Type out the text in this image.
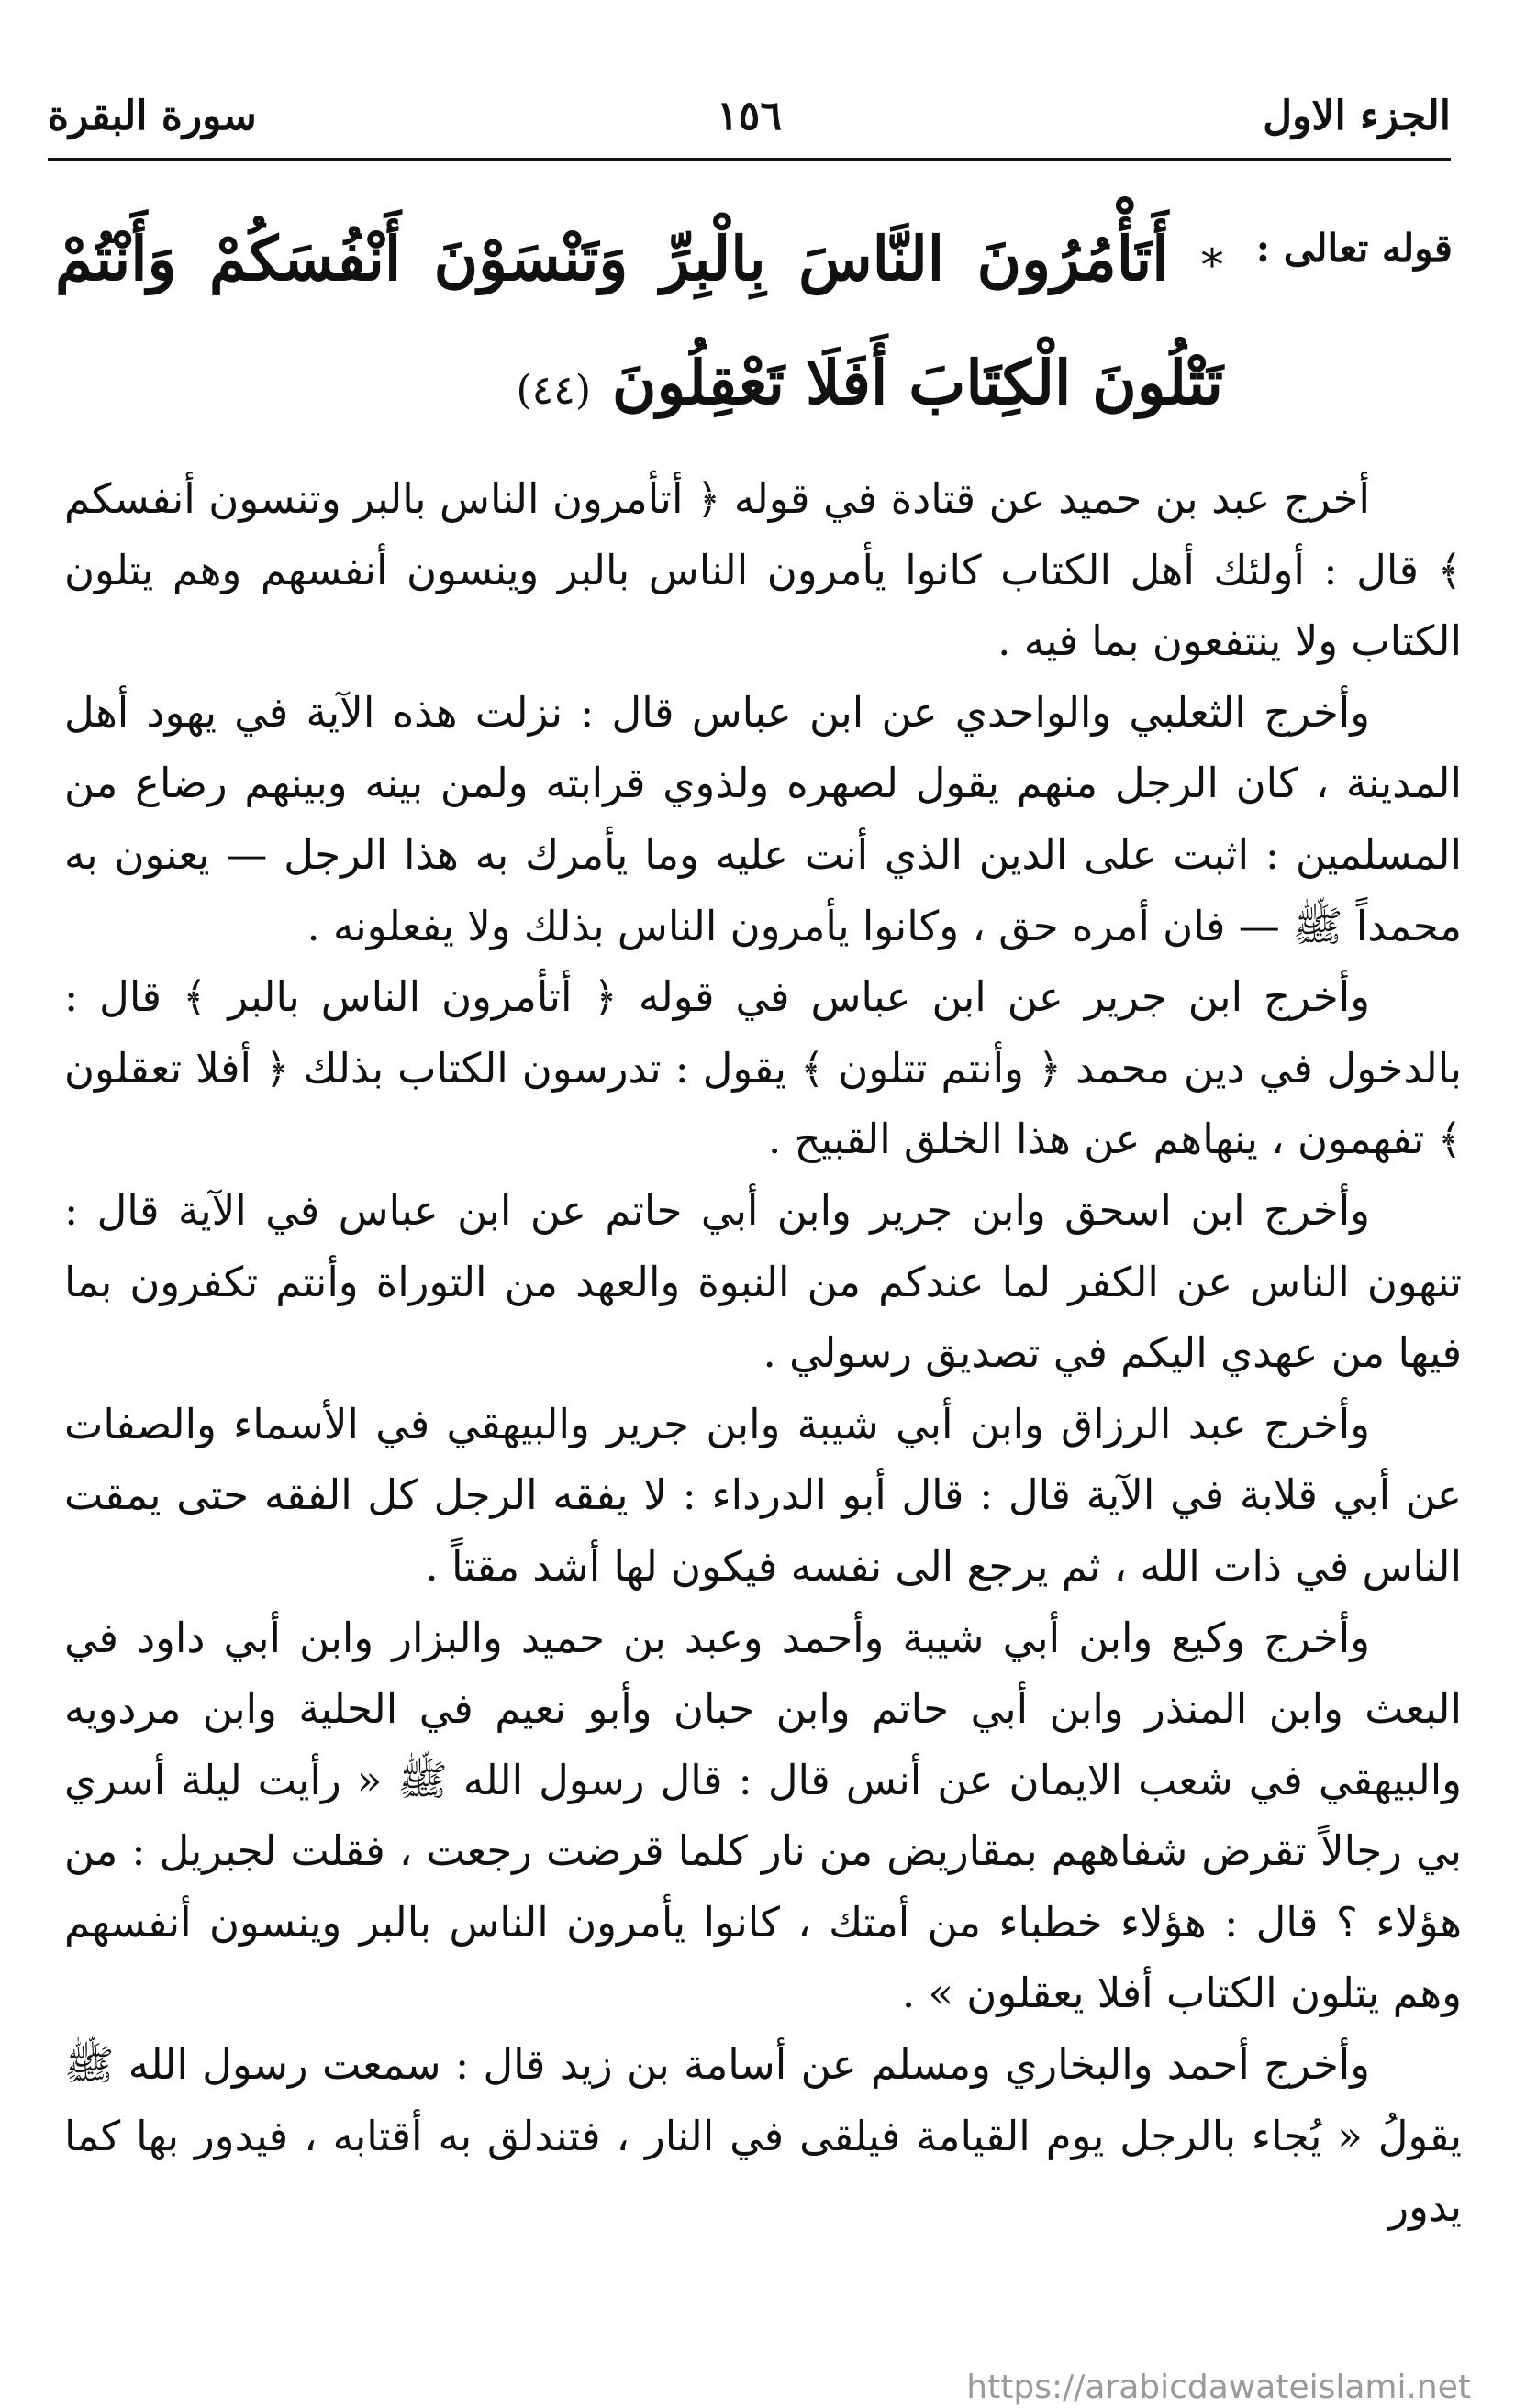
الجزء الاول
١٥٦
سورة البقرة
قوله تعالى :
* أَتَأْمُرُونَ النَّاسَ بِالْبِرِّ وَتَنْسَوْنَ أَنْفُسَكُمْ وَأَنْتُمْ تَتْلُونَ الْكِتَابَ أَفَلَا تَعْقِلُونَ (٤٤)

أخرج عبد بن حميد عن قتادة في قوله ﴿ أتأمرون الناس بالبر وتنسون أنفسكم ﴾ قال : أولئك أهل الكتاب كانوا يأمرون الناس بالبر وينسون أنفسهم وهم يتلون الكتاب ولا ينتفعون بما فيه .

وأخرج الثعلبي والواحدي عن ابن عباس قال : نزلت هذه الآية في يهود أهل المدينة ، كان الرجل منهم يقول لصهره ولذوي قرابته ولمن بينه وبينهم رضاع من المسلمين : اثبت على الدين الذي أنت عليه وما يأمرك به هذا الرجل — يعنون به محمداً ﷺ — فان أمره حق ، وكانوا يأمرون الناس بذلك ولا يفعلونه .

وأخرج ابن جرير عن ابن عباس في قوله ﴿ أتأمرون الناس بالبر ﴾ قال : بالدخول في دين محمد ﴿ وأنتم تتلون ﴾ يقول : تدرسون الكتاب بذلك ﴿ أفلا تعقلون ﴾ تفهمون ، ينهاهم عن هذا الخلق القبيح .

وأخرج ابن اسحق وابن جرير وابن أبي حاتم عن ابن عباس في الآية قال : تنهون الناس عن الكفر لما عندكم من النبوة والعهد من التوراة وأنتم تكفرون بما فيها من عهدي اليكم في تصديق رسولي .

وأخرج عبد الرزاق وابن أبي شيبة وابن جرير والبيهقي في الأسماء والصفات عن أبي قلابة في الآية قال : قال أبو الدرداء : لا يفقه الرجل كل الفقه حتى يمقت الناس في ذات الله ، ثم يرجع الى نفسه فيكون لها أشد مقتاً .

وأخرج وكيع وابن أبي شيبة وأحمد وعبد بن حميد والبزار وابن أبي داود في البعث وابن المنذر وابن أبي حاتم وابن حبان وأبو نعيم في الحلية وابن مردويه والبيهقي في شعب الايمان عن أنس قال : قال رسول الله ﷺ « رأيت ليلة أسري بي رجالاً تقرض شفاههم بمقاريض من نار كلما قرضت رجعت ، فقلت لجبريل : من هؤلاء ؟ قال : هؤلاء خطباء من أمتك ، كانوا يأمرون الناس بالبر وينسون أنفسهم وهم يتلون الكتاب أفلا يعقلون » .

وأخرج أحمد والبخاري ومسلم عن أسامة بن زيد قال : سمعت رسول الله ﷺ يقولُ « يُجاء بالرجل يوم القيامة فيلقى في النار ، فتندلق به أقتابه ، فيدور بها كما يدور

https://arabicdawateislami.net
